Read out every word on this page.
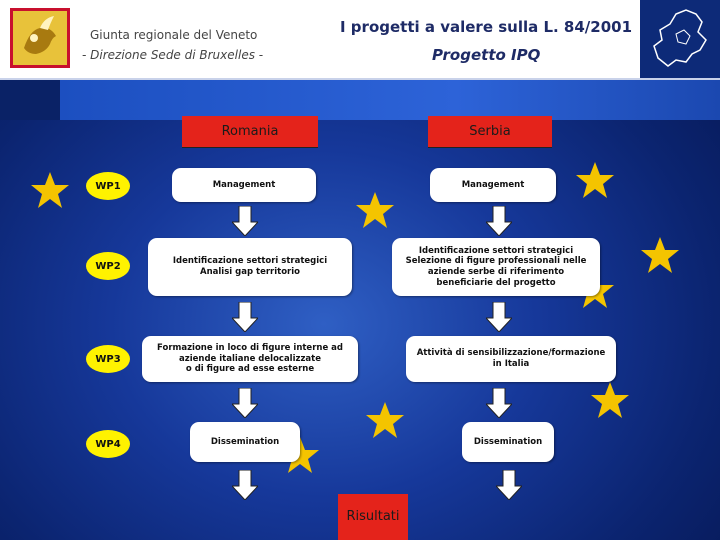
Giunta regionale del Veneto
- Direzione Sede di Bruxelles -
I progetti a valere sulla L. 84/2001
Progetto IPQ
Romania	Serbia
WP1
WP2
WP3
WP4
Management
Identificazione settori strategici
Analisi gap territorio
Formazione in loco di figure interne ad
aziende italiane delocalizzate
o di figure ad esse esterne
Dissemination
Management
Identificazione settori strategici
Selezione di figure professionali nelle
aziende serbe di riferimento
beneficiarie del progetto
Attività di sensibilizzazione/formazione
in Italia
Dissemination
Risultati
